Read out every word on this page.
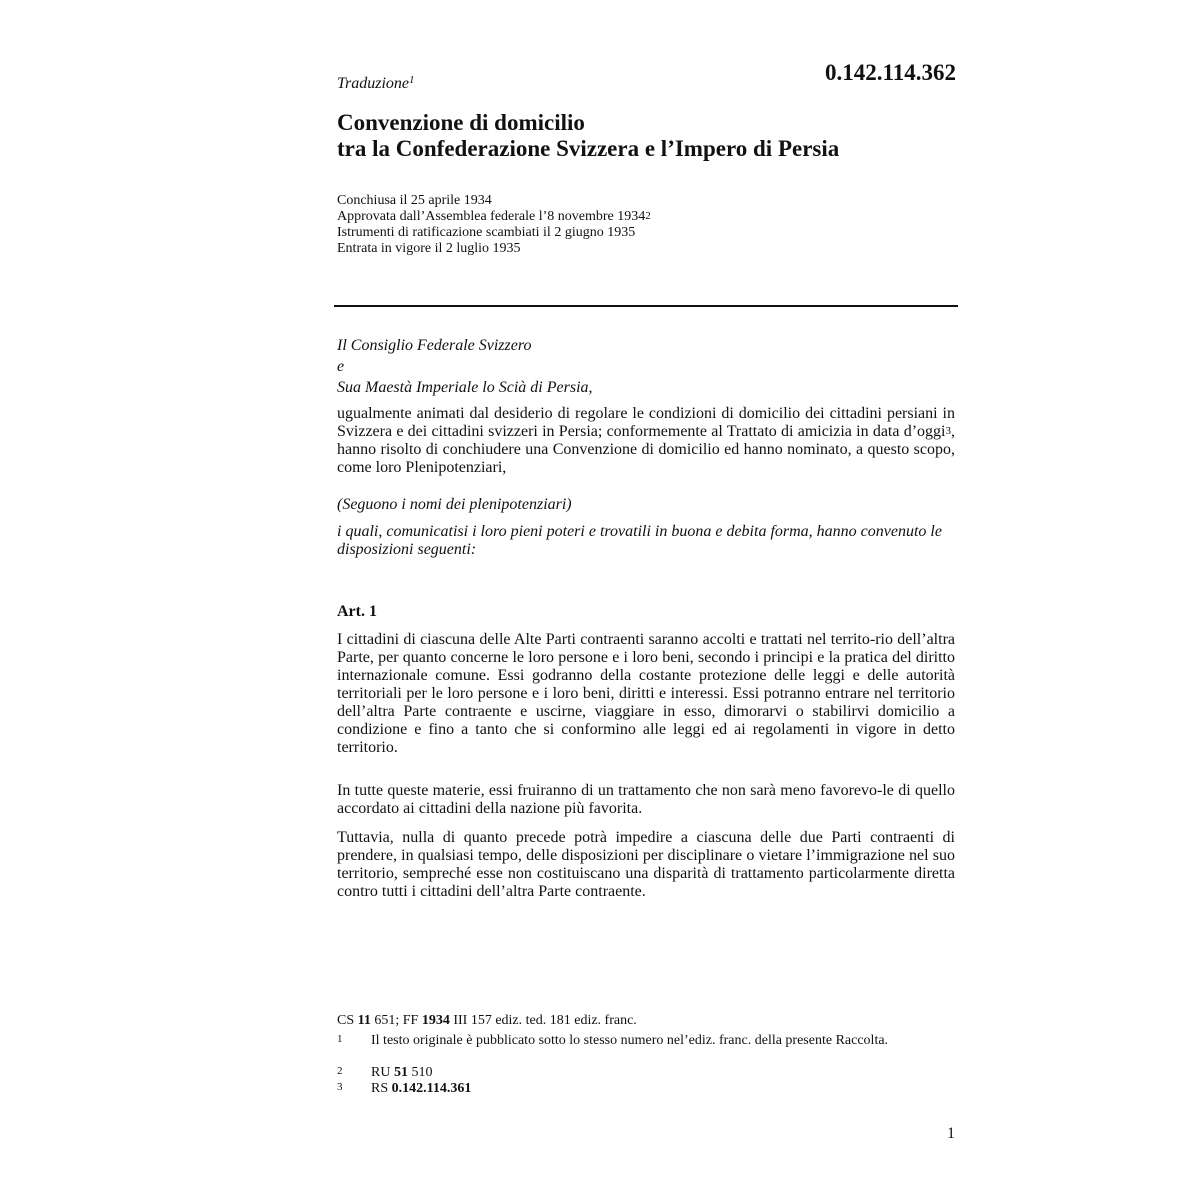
Traduzione$^1$	0.142.114.362
Convenzione di domicilio
tra la Confederazione Svizzera e l’Impero di Persia
Conchiusa il 25 aprile 1934
Approvata dall’Assemblea federale l’8 novembre 1934$^2$
Istrumenti di ratificazione scambiati il 2 giugno 1935
Entrata in vigore il 2 luglio 1935
Il Consiglio Federale Svizzero
e
Sua Maestà Imperiale lo Scià di Persia,
ugualmente animati dal desiderio di regolare le condizioni di domicilio dei cittadini persiani in Svizzera e dei cittadini svizzeri in Persia; conformemente al Trattato di amicizia in data d’oggi$^3$, hanno risolto di conchiudere una Convenzione di domicilio ed hanno nominato, a questo scopo, come loro Plenipotenziari,
(Seguono i nomi dei plenipotenziari)
i quali, comunicatisi i loro pieni poteri e trovatili in buona e debita forma, hanno convenuto le disposizioni seguenti:
Art. 1
I cittadini di ciascuna delle Alte Parti contraenti saranno accolti e trattati nel territo-rio dell’altra Parte, per quanto concerne le loro persone e i loro beni, secondo i principi e la pratica del diritto internazionale comune. Essi godranno della costante protezione delle leggi e delle autorità territoriali per le loro persone e i loro beni, diritti e interessi. Essi potranno entrare nel territorio dell’altra Parte contraente e uscirne, viaggiare in esso, dimorarvi o stabilirvi domicilio a condizione e fino a tanto che si conformino alle leggi ed ai regolamenti in vigore in detto territorio.
In tutte queste materie, essi fruiranno di un trattamento che non sarà meno favorevo-le di quello accordato ai cittadini della nazione più favorita.
Tuttavia, nulla di quanto precede potrà impedire a ciascuna delle due Parti contraenti di prendere, in qualsiasi tempo, delle disposizioni per disciplinare o vietare l’immigrazione nel suo territorio, sempreché esse non costituiscano una disparità di trattamento particolarmente diretta contro tutti i cittadini dell’altra Parte contraente.
CS 11 651; FF 1934 III 157 ediz. ted. 181 ediz. franc.
1 Il testo originale è pubblicato sotto lo stesso numero nel’ediz. franc. della presente Raccolta.
2 RU 51 510
3 RS 0.142.114.361
1
